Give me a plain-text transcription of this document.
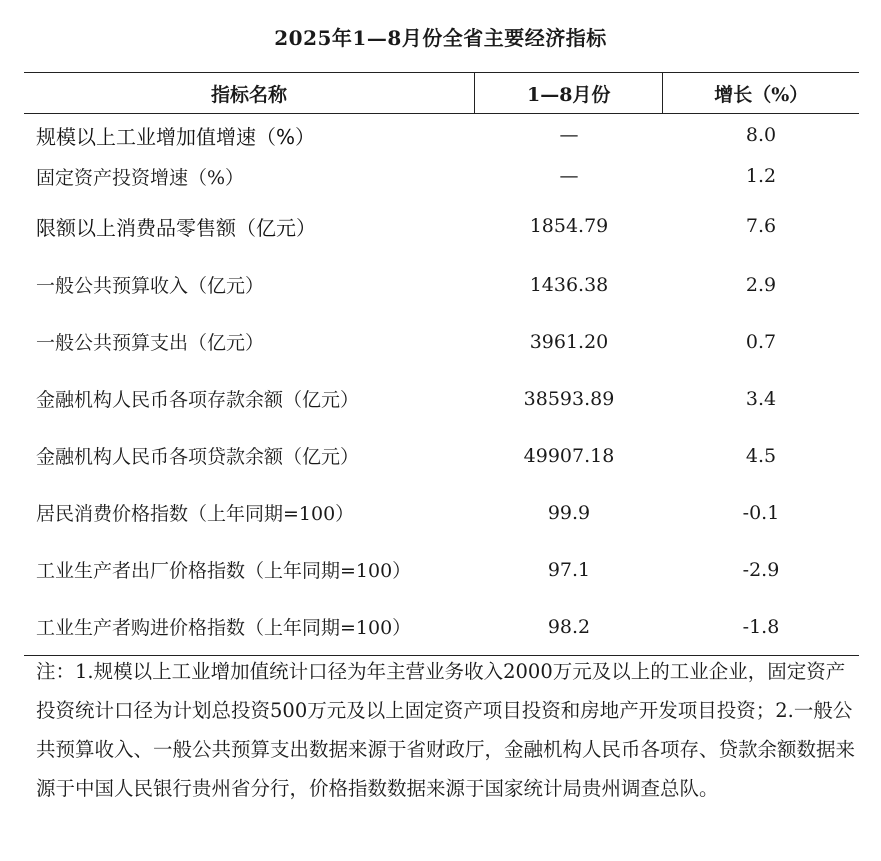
2025年1—8月份全省主要经济指标
指标名称	1—8月份	增长（%）
规模以上工业增加值增速（%）	—	8.0
固定资产投资增速（%）	—	1.2
限额以上消费品零售额（亿元）	1854.79	7.6
一般公共预算收入（亿元）	1436.38	2.9
一般公共预算支出（亿元）	3961.20	0.7
金融机构人民币各项存款余额（亿元）	38593.89	3.4
金融机构人民币各项贷款余额（亿元）	49907.18	4.5
居民消费价格指数（上年同期=100）	99.9	-0.1
工业生产者出厂价格指数（上年同期=100）	97.1	-2.9
工业生产者购进价格指数（上年同期=100）	98.2	-1.8
注：1.规模以上工业增加值统计口径为年主营业务收入2000万元及以上的工业企业，固定资产投资统计口径为计划总投资500万元及以上固定资产项目投资和房地产开发项目投资；2.一般公共预算收入、一般公共预算支出数据来源于省财政厅，金融机构人民币各项存、贷款余额数据来源于中国人民银行贵州省分行，价格指数数据来源于国家统计局贵州调查总队。
